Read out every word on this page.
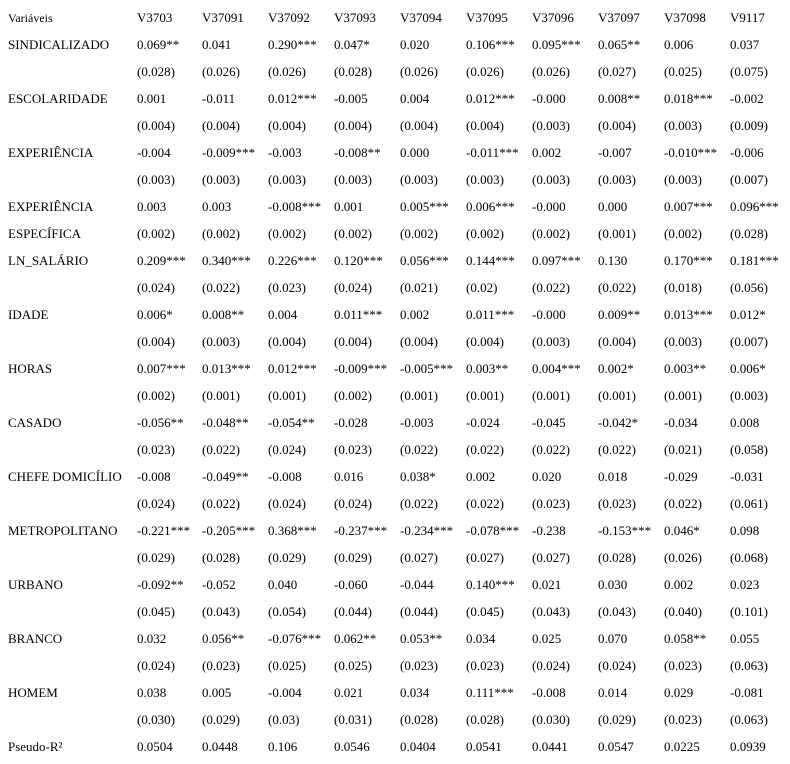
Variáveis	V3703 V37091 V37092 V37093 V37094 V37095 V37096 V37097 V37098 V9117
SINDICALIZADO 0.069** 0.041	0.290*** 0.047* 0.020	0.106*** 0.095*** 0.065** 0.006	0.037
(0.028) (0.026) (0.026) (0.028) (0.026) (0.026) (0.026) (0.027) (0.025) (0.075)
ESCOLARIDADE 0.001	-0.011	0.012*** -0.005 0.004	0.012*** -0.000 0.008** 0.018*** -0.002
(0.004) (0.004) (0.004) (0.004) (0.004) (0.004) (0.003) (0.004) (0.003) (0.009)
EXPERIÊNCIA	-0.004 -0.009*** -0.003 -0.008** 0.000	-0.011*** 0.002	-0.007 -0.010*** -0.006
(0.003) (0.003) (0.003) (0.003) (0.003) (0.003) (0.003) (0.003) (0.003) (0.007)
EXPERIÊNCIA	0.003	0.003	-0.008*** 0.001	0.005*** 0.006*** -0.000 0.000	0.007*** 0.096***
ESPECÍFICA	(0.002) (0.002) (0.002) (0.002) (0.002) (0.002) (0.002) (0.001) (0.002) (0.028)
LN_SALÁRIO	0.209*** 0.340*** 0.226*** 0.120*** 0.056*** 0.144*** 0.097*** 0.130	0.170*** 0.181***
(0.024) (0.022) (0.023) (0.024) (0.021) (0.02)	(0.022) (0.022) (0.018) (0.056)
IDADE	0.006* 0.008** 0.004	0.011*** 0.002	0.011*** -0.000 0.009** 0.013*** 0.012*
(0.004) (0.003) (0.004) (0.004) (0.004) (0.004) (0.003) (0.004) (0.003) (0.007)
HORAS	0.007*** 0.013*** 0.012*** -0.009*** -0.005*** 0.003** 0.004*** 0.002* 0.003** 0.006*
(0.002) (0.001) (0.001) (0.002) (0.001) (0.001) (0.001) (0.001) (0.001) (0.003)
CASADO	-0.056** -0.048** -0.054** -0.028 -0.003 -0.024 -0.045 -0.042* -0.034 0.008
(0.023) (0.022) (0.024) (0.023) (0.022) (0.022) (0.022) (0.022) (0.021) (0.058)
CHEFE DOMICÍLIO -0.008 -0.049** -0.008 0.016	0.038* 0.002	0.020	0.018	-0.029 -0.031
(0.024) (0.022) (0.024) (0.024) (0.022) (0.022) (0.023) (0.023) (0.022) (0.061)
METROPOLITANO -0.221*** -0.205*** 0.368*** -0.237*** -0.234*** -0.078*** -0.238 -0.153*** 0.046* 0.098
(0.029) (0.028) (0.029) (0.029) (0.027) (0.027) (0.027) (0.028) (0.026) (0.068)
URBANO	-0.092** -0.052 0.040	-0.060 -0.044 0.140*** 0.021	0.030	0.002	0.023
(0.045) (0.043) (0.054) (0.044) (0.044) (0.045) (0.043) (0.043) (0.040) (0.101)
BRANCO	0.032	0.056** -0.076*** 0.062** 0.053** 0.034	0.025	0.070	0.058** 0.055
(0.024) (0.023) (0.025) (0.025) (0.023) (0.023) (0.024) (0.024) (0.023) (0.063)
HOMEM	0.038	0.005	-0.004 0.021	0.034	0.111*** -0.008 0.014	0.029	-0.081
(0.030) (0.029) (0.03)	(0.031) (0.028) (0.028) (0.030) (0.029) (0.023) (0.063)
Pseudo-R²	0.0504 0.0448 0.106	0.0546 0.0404 0.0541 0.0441 0.0547 0.0225 0.0939
